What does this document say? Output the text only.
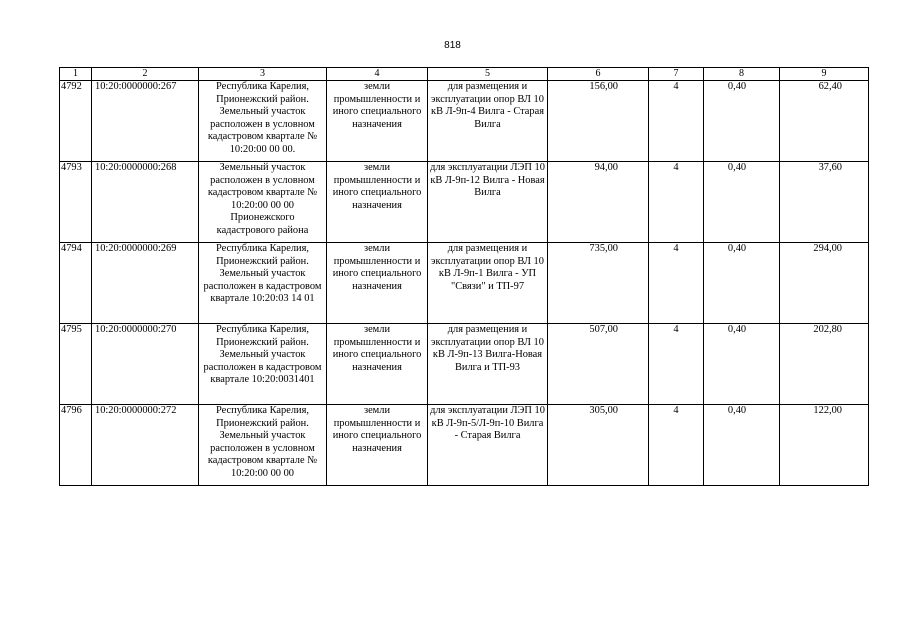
818
1	2	3	4	5	6	7	8	9
4792	10:20:0000000:267	Республика Карелия, Прионежский район. Земельный участок расположен в условном кадастровом квартале № 10:20:00 00 00.	земли промышленности и иного специального назначения	для размещения и эксплуатации опор ВЛ 10 кВ Л-9п-4 Вилга - Старая Вилга	156,00	4	0,40	62,40
4793	10:20:0000000:268	Земельный участок расположен в условном кадастровом квартале № 10:20:00 00 00 Прионежского кадастрового района	земли промышленности и иного специального назначения	для эксплуатации ЛЭП 10 кВ Л-9п-12 Вилга - Новая Вилга	94,00	4	0,40	37,60
4794	10:20:0000000:269	Республика Карелия, Прионежский район. Земельный участок расположен в кадастровом квартале 10:20:03 14 01	земли промышленности и иного специального назначения	для размещения и эксплуатации опор ВЛ 10 кВ Л-9п-1 Вилга - УП "Связи" и ТП-97	735,00	4	0,40	294,00
4795	10:20:0000000:270	Республика Карелия, Прионежский район. Земельный участок расположен в кадастровом квартале 10:20:0031401	земли промышленности и иного специального назначения	для размещения и эксплуатации опор ВЛ 10 кВ Л-9п-13 Вилга-Новая Вилга и ТП-93	507,00	4	0,40	202,80
4796	10:20:0000000:272	Республика Карелия, Прионежский район. Земельный участок расположен в условном кадастровом квартале № 10:20:00 00 00	земли промышленности и иного специального назначения	для эксплуатации ЛЭП 10 кВ Л-9п-5/Л-9п-10 Вилга - Старая Вилга	305,00	4	0,40	122,00
